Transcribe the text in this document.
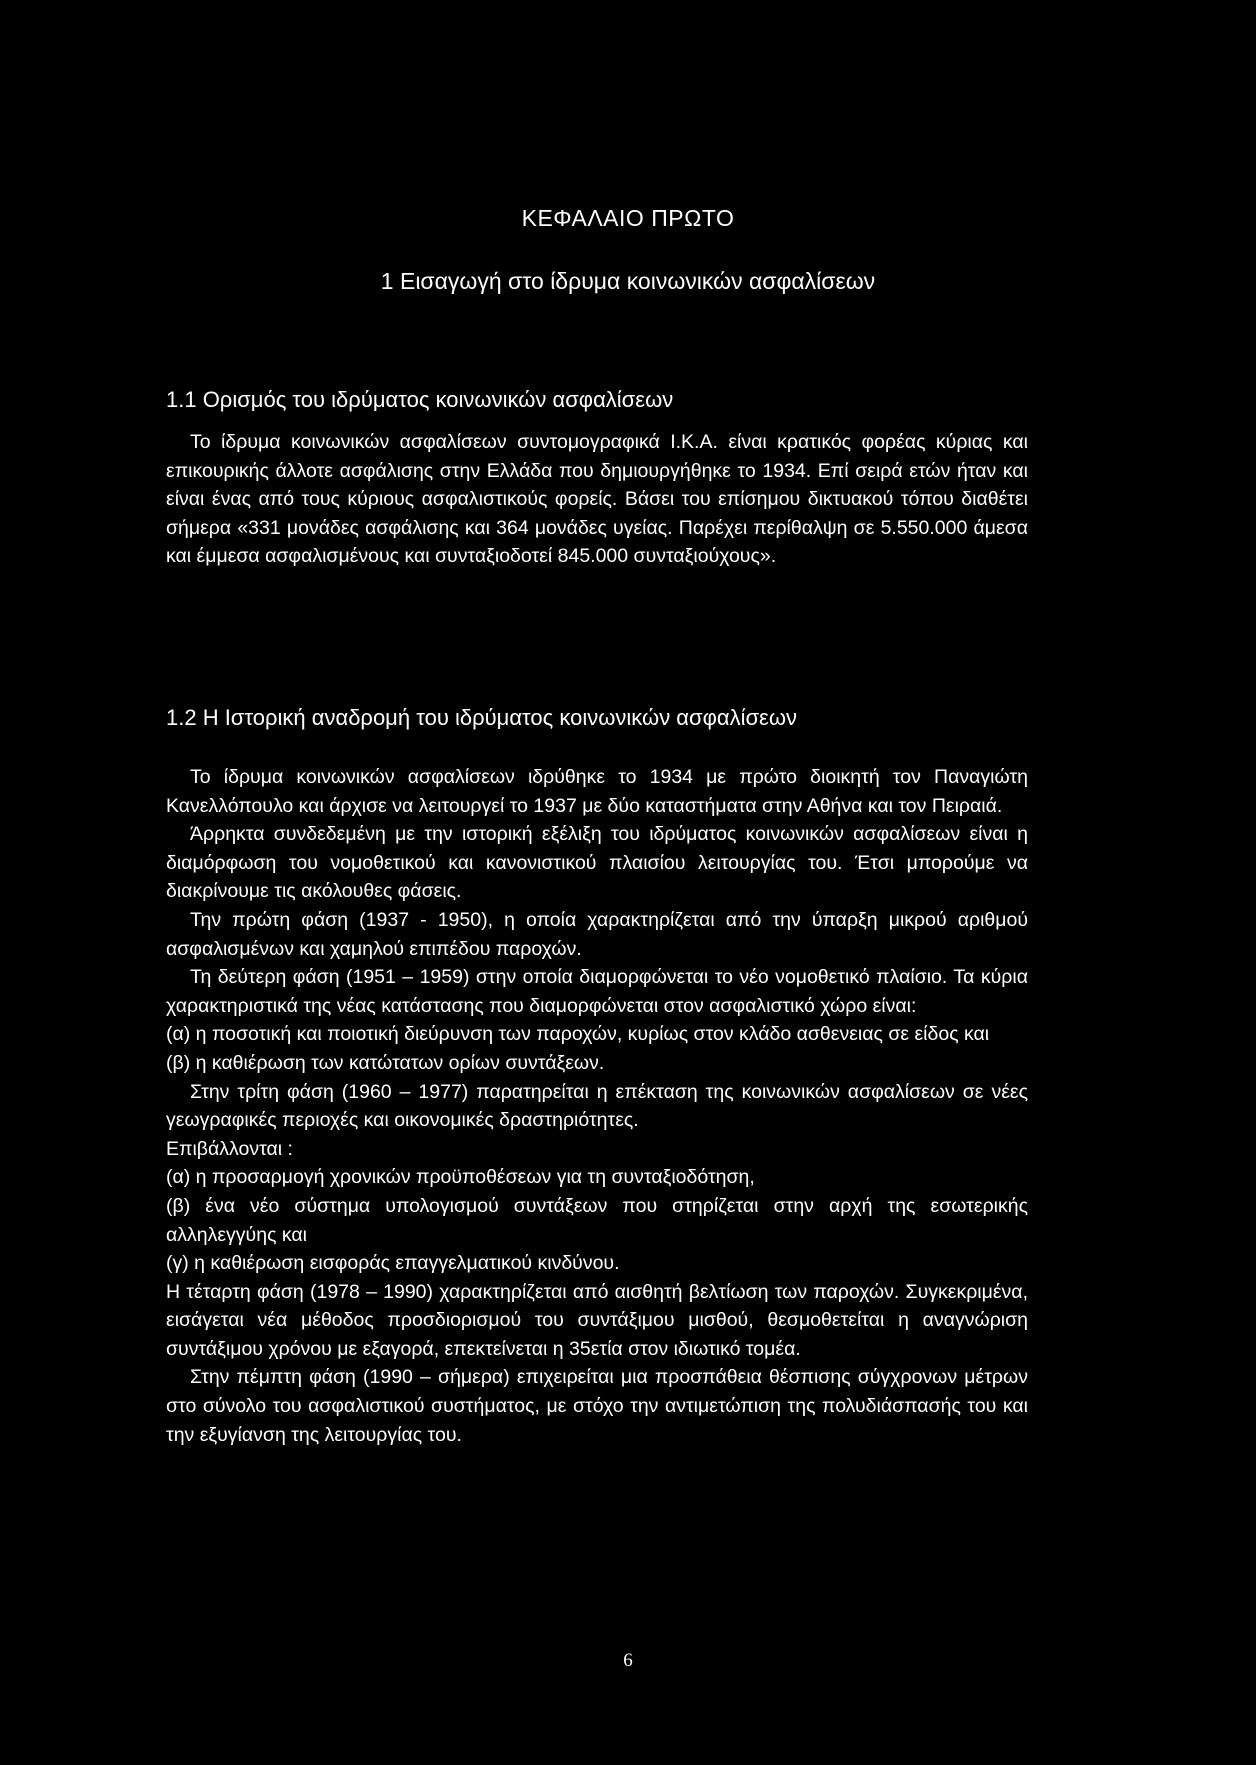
ΚΕΦΑΛΑΙΟ ΠΡΩΤΟ
1 Εισαγωγή στο ίδρυμα κοινωνικών ασφαλίσεων
1.1 Ορισμός του ιδρύματος κοινωνικών ασφαλίσεων

Το ίδρυμα κοινωνικών ασφαλίσεων συντομογραφικά Ι.Κ.Α. είναι κρατικός φορέας κύριας και επικουρικής άλλοτε ασφάλισης στην Ελλάδα που δημιουργήθηκε το 1934. Επί σειρά ετών ήταν και είναι ένας από τους κύριους ασφαλιστικούς φορείς. Βάσει του επίσημου δικτυακού τόπου διαθέτει σήμερα «331 μονάδες ασφάλισης και 364 μονάδες υγείας. Παρέχει περίθαλψη σε 5.550.000 άμεσα και έμμεσα ασφαλισμένους και συνταξιοδοτεί 845.000 συνταξιούχους».

1.2 Η Ιστορική αναδρομή του ιδρύματος κοινωνικών ασφαλίσεων

Το ίδρυμα κοινωνικών ασφαλίσεων ιδρύθηκε το 1934 με πρώτο διοικητή τον Παναγιώτη Κανελλόπουλο και άρχισε να λειτουργεί το 1937 με δύο καταστήματα στην Αθήνα και τον Πειραιά.

Άρρηκτα συνδεδεμένη με την ιστορική εξέλιξη του ιδρύματος κοινωνικών ασφαλίσεων είναι η διαμόρφωση του νομοθετικού και κανονιστικού πλαισίου λειτουργίας του. Έτσι μπορούμε να διακρίνουμε τις ακόλουθες φάσεις.

Την πρώτη φάση (1937 - 1950), η οποία χαρακτηρίζεται από την ύπαρξη μικρού αριθμού ασφαλισμένων και χαμηλού επιπέδου παροχών.

Τη δεύτερη φάση (1951 – 1959) στην οποία διαμορφώνεται το νέο νομοθετικό πλαίσιο. Τα κύρια χαρακτηριστικά της νέας κατάστασης που διαμορφώνεται στον ασφαλιστικό χώρο είναι:

(α) η ποσοτική και ποιοτική διεύρυνση των παροχών, κυρίως στον κλάδο ασθενειας σε είδος και

(β) η καθιέρωση των κατώτατων ορίων συντάξεων.

Στην τρίτη φάση (1960 – 1977) παρατηρείται η επέκταση της κοινωνικών ασφαλίσεων σε νέες γεωγραφικές περιοχές και οικονομικές δραστηριότητες.

Επιβάλλονται :

(α) η προσαρμογή χρονικών προϋποθέσεων για τη συνταξιοδότηση,

(β) ένα νέο σύστημα υπολογισμού συντάξεων που στηρίζεται στην αρχή της εσωτερικής αλληλεγγύης και

(γ) η καθιέρωση εισφοράς επαγγελματικού κινδύνου.

Η τέταρτη φάση (1978 – 1990) χαρακτηρίζεται από αισθητή βελτίωση των παροχών. Συγκεκριμένα, εισάγεται νέα μέθοδος προσδιορισμού του συντάξιμου μισθού, θεσμοθετείται η αναγνώριση συντάξιμου χρόνου με εξαγορά, επεκτείνεται η 35ετία στον ιδιωτικό τομέα.

Στην πέμπτη φάση (1990 – σήμερα) επιχειρείται μια προσπάθεια θέσπισης σύγχρονων μέτρων στο σύνολο του ασφαλιστικού συστήματος, με στόχο την αντιμετώπιση της πολυδιάσπασής του και την εξυγίανση της λειτουργίας του.

6
